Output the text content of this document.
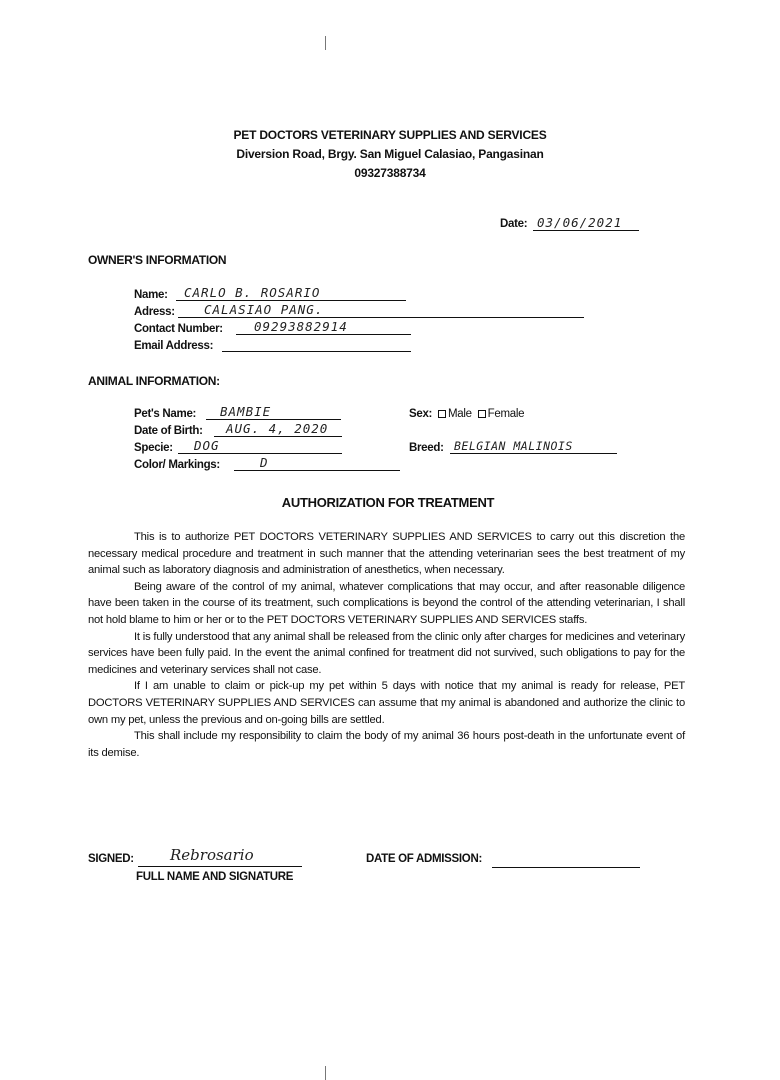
PET DOCTORS VETERINARY SUPPLIES AND SERVICES
Diversion Road, Brgy. San Miguel Calasiao, Pangasinan
09327388734
Date: 03/06/2021
OWNER'S INFORMATION
Name: CARLO B. ROSARIO
Adress: CALASIAO PANG.
Contact Number: 09293882914
Email Address:
ANIMAL INFORMATION:
Pet's Name: BAMBIE
Date of Birth: AUG. 4, 2020
Specie: DOG
Color/ Markings:	D
Sex: Male Female
Breed: BELGIAN MALINOIS
AUTHORIZATION FOR TREATMENT

This is to authorize PET DOCTORS VETERINARY SUPPLIES AND SERVICES to carry out this discretion the necessary medical procedure and treatment in such manner that the attending veterinarian sees the best treatment of my animal such as laboratory diagnosis and administration of anesthetics, when necessary.

Being aware of the control of my animal, whatever complications that may occur, and after reasonable diligence have been taken in the course of its treatment, such complications is beyond the control of the attending veterinarian, I shall not hold blame to him or her or to the PET DOCTORS VETERINARY SUPPLIES AND SERVICES staffs.

It is fully understood that any animal shall be released from the clinic only after charges for medicines and veterinary services have been fully paid. In the event the animal confined for treatment did not survived, such obligations to pay for the medicines and veterinary services shall not case.

If I am unable to claim or pick-up my pet within 5 days with notice that my animal is ready for release, PET DOCTORS VETERINARY SUPPLIES AND SERVICES can assume that my animal is abandoned and authorize the clinic to own my pet, unless the previous and on-going bills are settled.

This shall include my responsibility to claim the body of my animal 36 hours post-death in the unfortunate event of its demise.

SIGNED: Rebrosario
FULL NAME AND SIGNATURE
DATE OF ADMISSION:
